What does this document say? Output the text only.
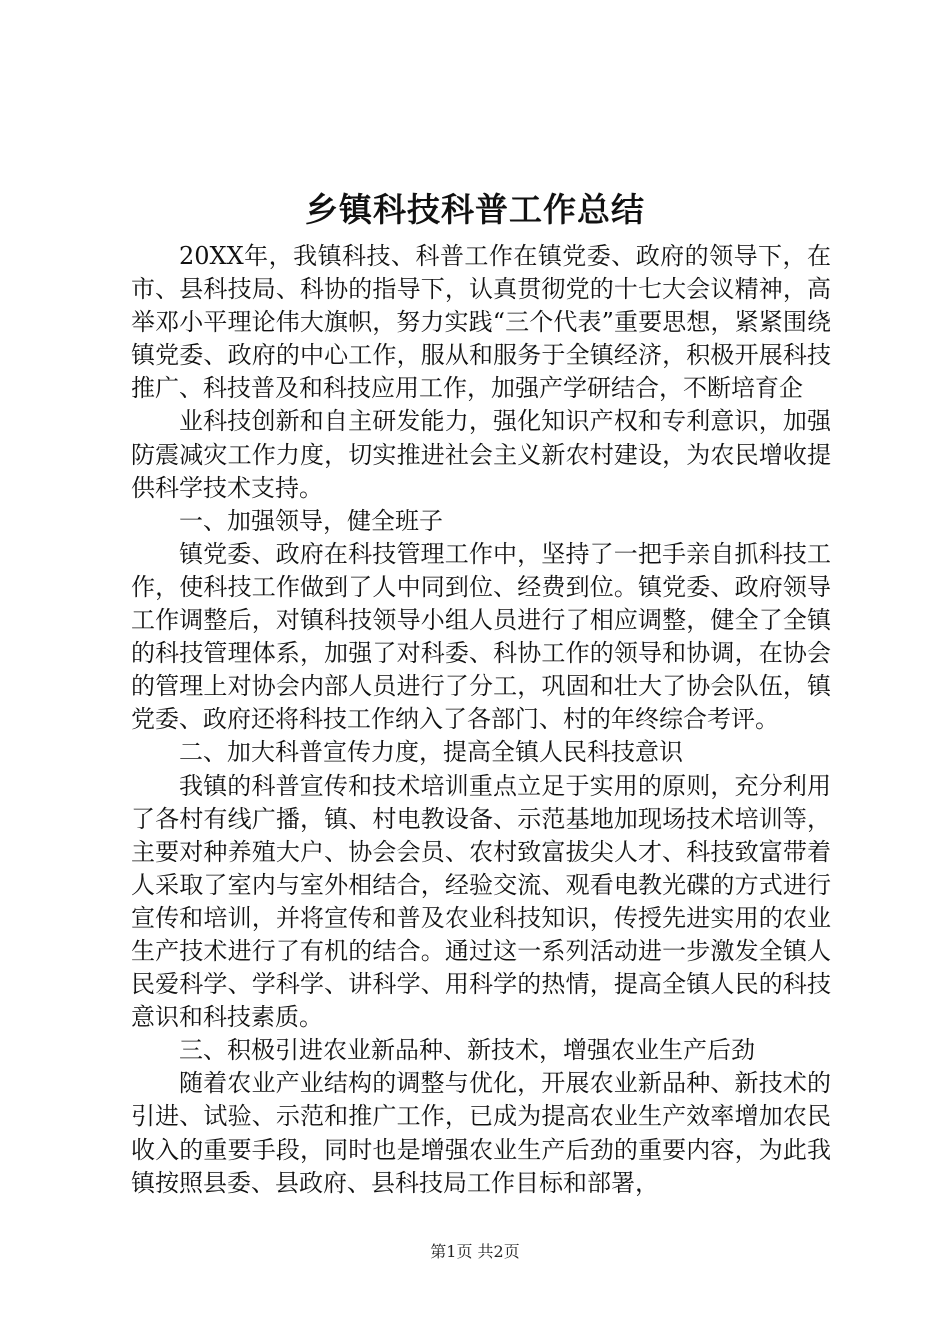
乡镇科技科普工作总结

20XX年，我镇科技、科普工作在镇党委、政府的领导下，在市、县科技局、科协的指导下，认真贯彻党的十七大会议精神，高举邓小平理论伟大旗帜，努力实践“三个代表”重要思想，紧紧围绕镇党委、政府的中心工作，服从和服务于全镇经济，积极开展科技推广、科技普及和科技应用工作，加强产学研结合，不断培育企

业科技创新和自主研发能力，强化知识产权和专利意识，加强防震减灾工作力度，切实推进社会主义新农村建设，为农民增收提供科学技术支持。

一、加强领导，健全班子

镇党委、政府在科技管理工作中，坚持了一把手亲自抓科技工作，使科技工作做到了人中同到位、经费到位。镇党委、政府领导工作调整后，对镇科技领导小组人员进行了相应调整，健全了全镇的科技管理体系，加强了对科委、科协工作的领导和协调，在协会的管理上对协会内部人员进行了分工，巩固和壮大了协会队伍，镇党委、政府还将科技工作纳入了各部门、村的年终综合考评。

二、加大科普宣传力度，提高全镇人民科技意识

我镇的科普宣传和技术培训重点立足于实用的原则，充分利用了各村有线广播，镇、村电教设备、示范基地加现场技术培训等，主要对种养殖大户、协会会员、农村致富拔尖人才、科技致富带着人采取了室内与室外相结合，经验交流、观看电教光碟的方式进行宣传和培训，并将宣传和普及农业科技知识，传授先进实用的农业生产技术进行了有机的结合。通过这一系列活动进一步激发全镇人民爱科学、学科学、讲科学、用科学的热情，提高全镇人民的科技意识和科技素质。

三、积极引进农业新品种、新技术，增强农业生产后劲

随着农业产业结构的调整与优化，开展农业新品种、新技术的引进、试验、示范和推广工作，已成为提高农业生产效率增加农民收入的重要手段，同时也是增强农业生产后劲的重要内容，为此我镇按照县委、县政府、县科技局工作目标和部署，

第1页 共2页
